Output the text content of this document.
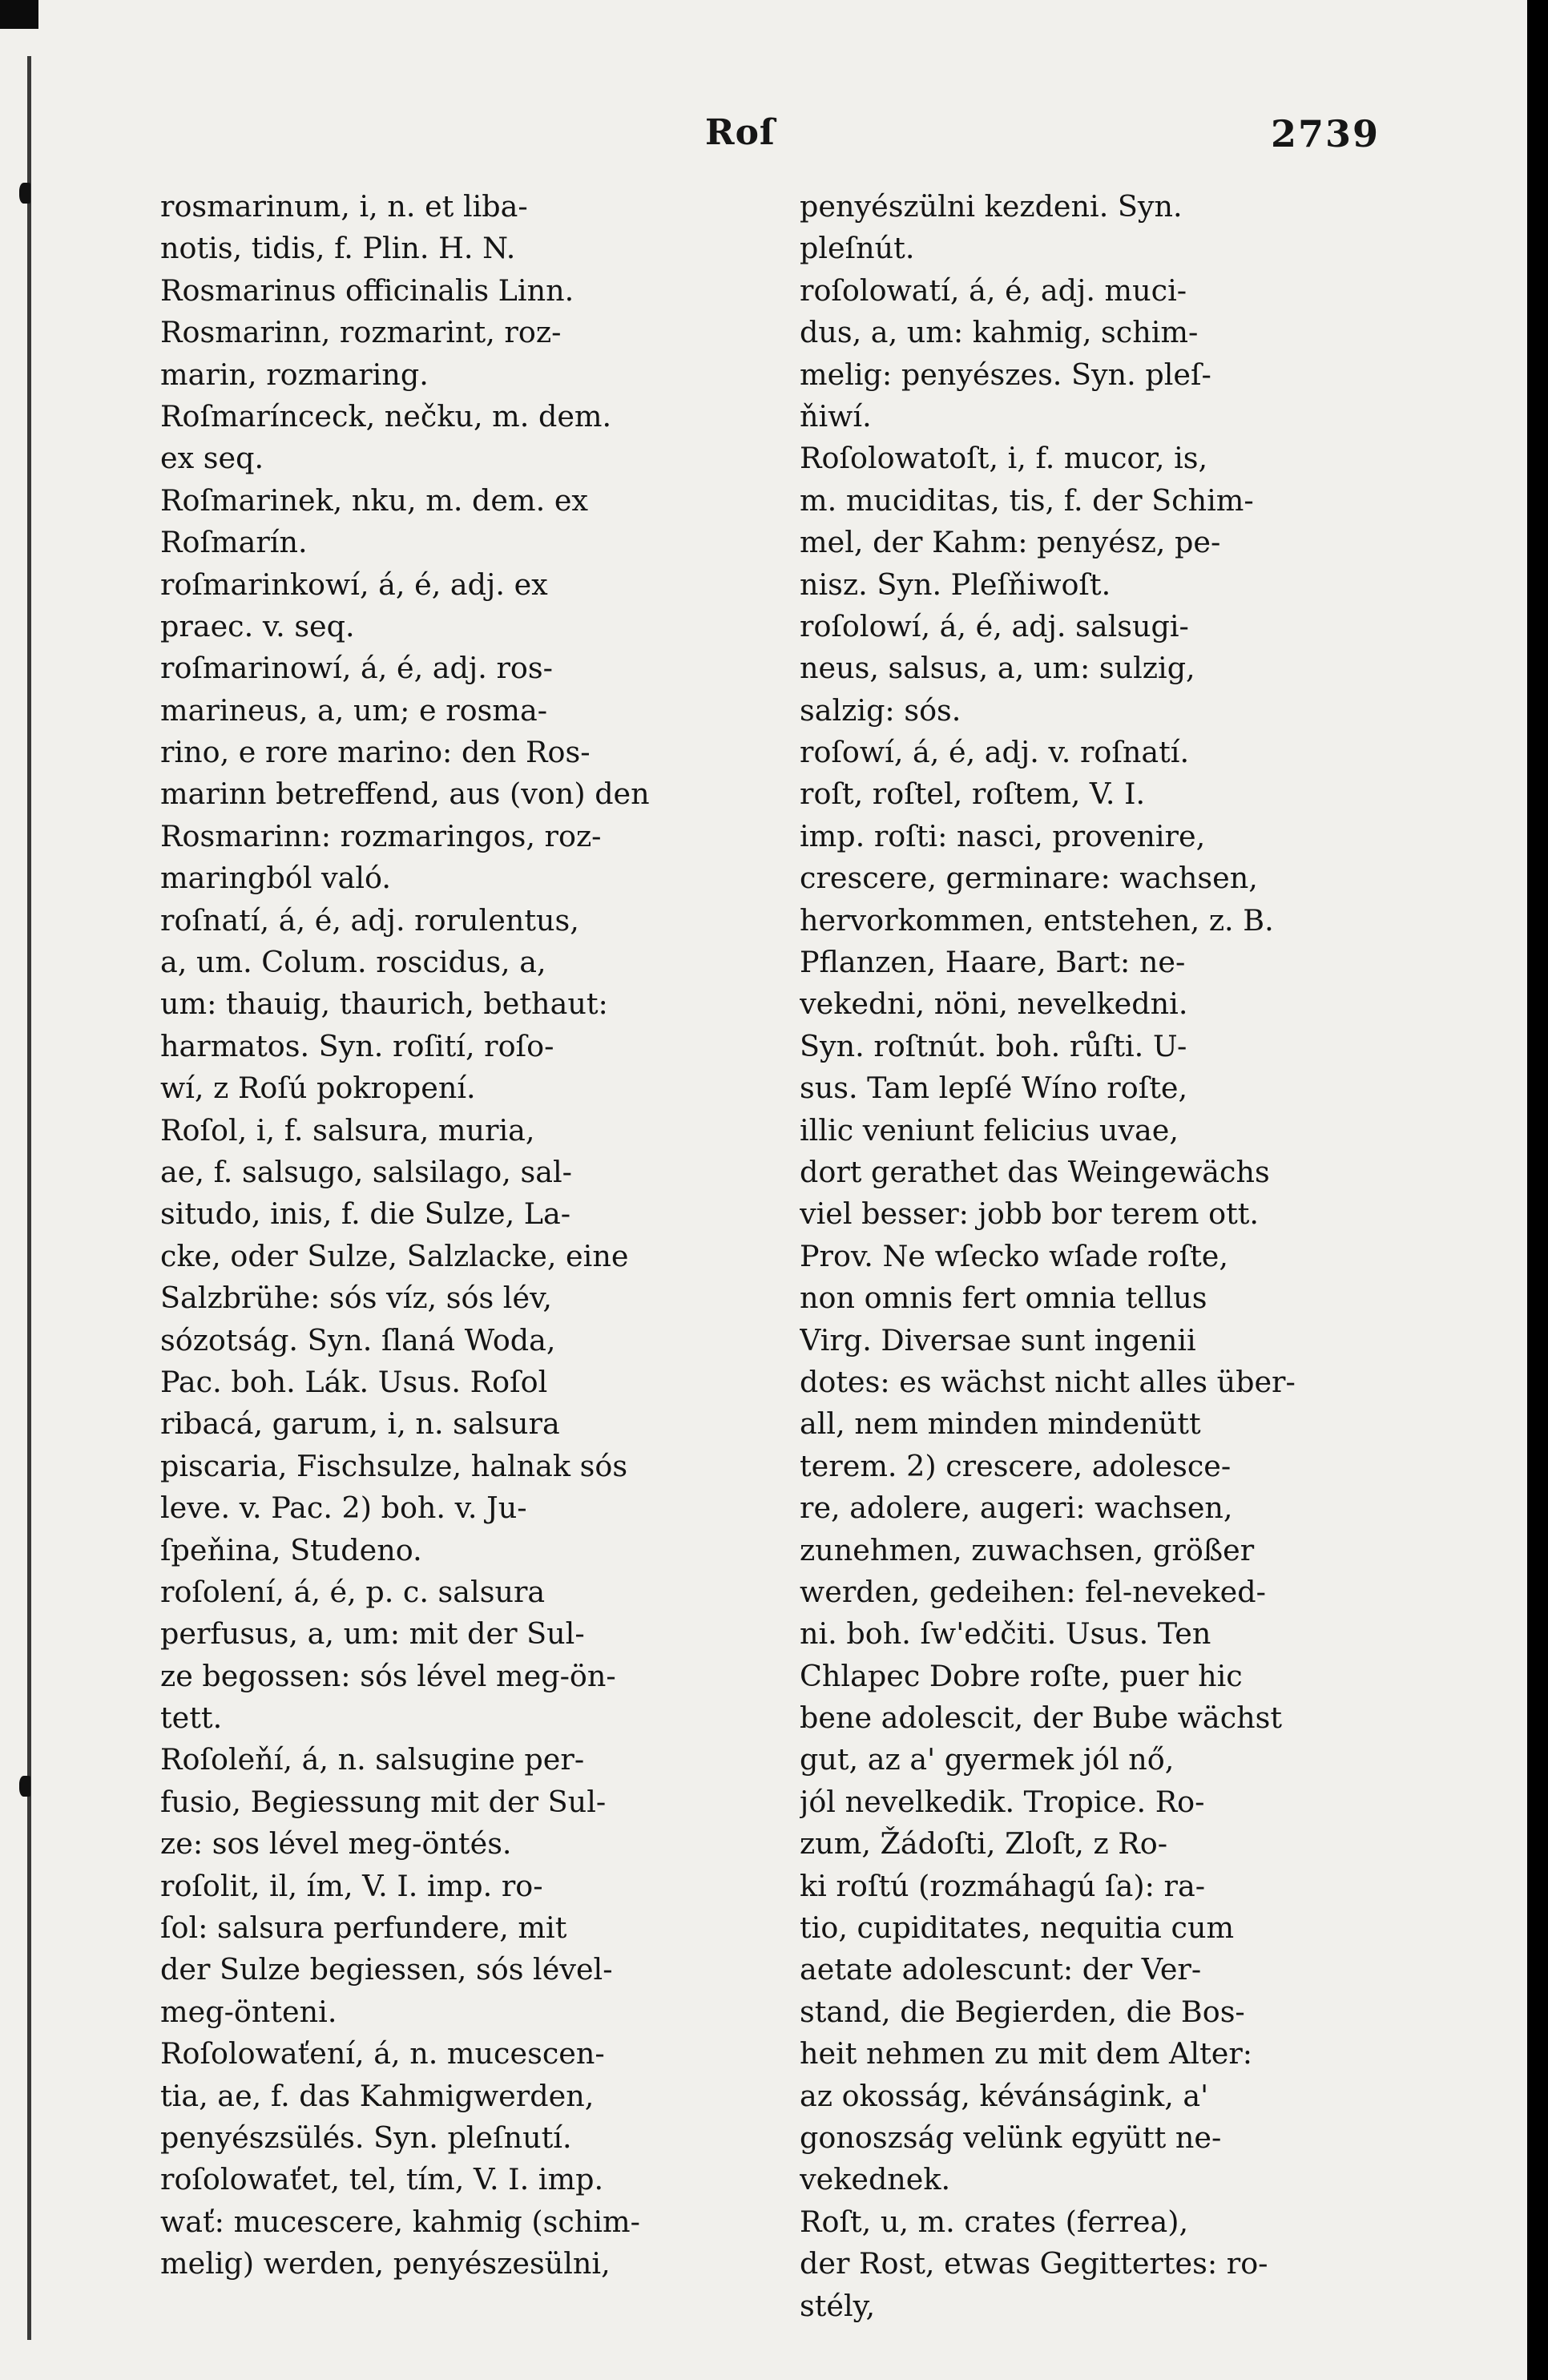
Roſ	2739
rosmarinum, i, n. et liba-
notis, tidis, f. Plin. H. N.
Rosmarinus officinalis Linn.
Rosmarinn, rozmarint, roz-
marin, rozmaring.
Roſmarínceck, nečku, m. dem.
ex seq.
Roſmarinek, nku, m. dem. ex
Roſmarín.
roſmarinkowí, á, é, adj. ex
praec. v. seq.
roſmarinowí, á, é, adj. ros-
marineus, a, um; e rosma-
rino, e rore marino: den Ros-
marinn betreffend, aus (von) den
Rosmarinn: rozmaringos, roz-
maringból való.
roſnatí, á, é, adj. rorulentus,
a, um. Colum. roscidus, a,
um: thauig, thaurich, bethaut:
harmatos. Syn. roſití, roſo-
wí, z Roſú pokropení.
Roſol, i, f. salsura, muria,
ae, f. salsugo, salsilago, sal-
situdo, inis, f. die Sulze, La-
cke, oder Sulze, Salzlacke, eine
Salzbrühe: sós víz, sós lév,
sózotság. Syn. ſlaná Woda,
Pac. boh. Lák. Usus. Roſol
ribacá, garum, i, n. salsura
piscaria, Fischsulze, halnak sós
leve. v. Pac. 2) boh. v. Ju-
ſpeňina, Studeno.
roſolení, á, é, p. c. salsura
perfusus, a, um: mit der Sul-
ze begossen: sós lével meg-ön-
tett.
Roſoleňí, á, n. salsugine per-
fusio, Begiessung mit der Sul-
ze: sos lével meg-öntés.
roſolit, il, ím, V. I. imp. ro-
ſol: salsura perfundere, mit
der Sulze begiessen, sós lével-
meg-önteni.
Roſolowaťení, á, n. mucescen-
tia, ae, f. das Kahmigwerden,
penyészsülés. Syn. pleſnutí.
roſolowaťet, tel, tím, V. I. imp.
wať: mucescere, kahmig (schim-
melig) werden, penyészesülni,
penyészülni kezdeni. Syn.
pleſnút.
roſolowatí, á, é, adj. muci-
dus, a, um: kahmig, schim-
melig: penyészes. Syn. pleſ-
ňiwí.
Roſolowatoſt, i, f. mucor, is,
m. muciditas, tis, f. der Schim-
mel, der Kahm: penyész, pe-
nisz. Syn. Pleſňiwoſt.
roſolowí, á, é, adj. salsugi-
neus, salsus, a, um: sulzig,
salzig: sós.
roſowí, á, é, adj. v. roſnatí.
roſt, roſtel, roſtem, V. I.
imp. roſti: nasci, provenire,
crescere, germinare: wachsen,
hervorkommen, entstehen, z. B.
Pflanzen, Haare, Bart: ne-
vekedni, nöni, nevelkedni.
Syn. roſtnút. boh. růſti. U-
sus. Tam lepſé Wíno roſte,
illic veniunt felicius uvae,
dort gerathet das Weingewächs
viel besser: jobb bor terem ott.
Prov. Ne wſecko wſade roſte,
non omnis fert omnia tellus
Virg. Diversae sunt ingenii
dotes: es wächst nicht alles über-
all, nem minden mindenütt
terem. 2) crescere, adolesce-
re, adolere, augeri: wachsen,
zunehmen, zuwachsen, größer
werden, gedeihen: fel-neveked-
ni. boh. ſw'edčiti. Usus. Ten
Chlapec Dobre roſte, puer hic
bene adolescit, der Bube wächst
gut, az a' gyermek jól nő,
jól nevelkedik. Tropice. Ro-
zum, Žádoſti, Zloſt, z Ro-
ki roſtú (rozmáhagú ſa): ra-
tio, cupiditates, nequitia cum
aetate adolescunt: der Ver-
stand, die Begierden, die Bos-
heit nehmen zu mit dem Alter:
az okosság, kévánságink, a'
gonoszság velünk együtt ne-
vekednek.
Roſt, u, m. crates (ferrea),
der Rost, etwas Gegittertes: ro-
stély,
